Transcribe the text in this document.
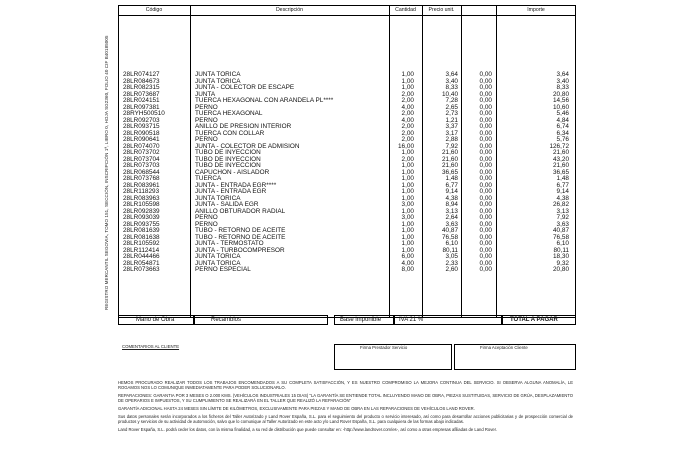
REGISTRO MERCANTIL SEGOVIA, TOMO 151, SECCIÓN, INSCRIPCIÓN 1ª, LIBRO 0, HOJA SG2360, FOLIO 40 CIF B40185005
Código	Descripción	Cantidad	Precio unit.	Importe
28LR074127	JUNTA TORICA	1,00	3,64	0,00	3,64
28LR084673	JUNTA TORICA	1,00	3,40	0,00	3,40
28LR082315	JUNTA - COLECTOR DE ESCAPE	1,00	8,33	0,00	8,33
28LR073687	JUNTA	2,00	10,40	0,00	20,80
28LR024151	TUERCA HEXAGONAL CON ARANDELA PL****	2,00	7,28	0,00	14,56
28LR097381	PERNO	4,00	2,65	0,00	10,60
28RYH500510	TUERCA HEXAGONAL	2,00	2,73	0,00	5,46
28LR092703	PERNO	4,00	1,21	0,00	4,84
28LR093715	ANILLO DE PRESION INTERIOR	2,00	3,37	0,00	6,74
28LR090518	TUERCA CON COLLAR	2,00	3,17	0,00	6,34
28LR090641	PERNO	2,00	2,88	0,00	5,76
28LR074070	JUNTA - COLECTOR DE ADMISION	16,00	7,92	0,00	126,72
28LR073702	TUBO DE INYECCION	1,00	21,60	0,00	21,60
28LR073704	TUBO DE INYECCION	2,00	21,60	0,00	43,20
28LR073703	TUBO DE INYECCION	1,00	21,60	0,00	21,60
28LR068544	CAPUCHON - AISLADOR	1,00	36,65	0,00	36,65
28LR073768	TUERCA	1,00	1,48	0,00	1,48
28LR083961	JUNTA - ENTRADA EGR****	1,00	6,77	0,00	6,77
28LR118293	JUNTA - ENTRADA EGR	1,00	9,14	0,00	9,14
28LR083963	JUNTA TORICA	1,00	4,38	0,00	4,38
28LR105598	JUNTA - SALIDA EGR	3,00	8,94	0,00	26,82
28LR092839	ANILLO OBTURADOR RADIAL	1,00	3,13	0,00	3,13
28LR093039	PERNO	3,00	2,64	0,00	7,92
28LR093755	PERNO	1,00	3,63	0,00	3,63
28LR081639	TUBO - RETORNO DE ACEITE	1,00	40,87	0,00	40,87
28LR081638	TUBO - RETORNO DE ACEITE	1,00	76,58	0,00	76,58
28LR105592	JUNTA - TERMOSTATO	1,00	6,10	0,00	6,10
28LR112414	JUNTA - TURBOCOMPRESOR	1,00	80,11	0,00	80,11
28LR044466	JUNTA TORICA	6,00	3,05	0,00	18,30
28LR054871	JUNTA TORICA	4,00	2,33	0,00	9,32
28LR073663	PERNO ESPECIAL	8,00	2,60	0,00	20,80
Mano de Obra	Recambios	Base imponible	IVA 21 %	TOTAL A PAGAR
COMENTARIOS AL CLIENTE	Firma Prestador Servicio	Firma Aceptación Cliente

HEMOS PROCURADO REALIZAR TODOS LOS TRABAJOS ENCOMENDADOS A SU COMPLETA SATISFACCIÓN, Y ES NUESTRO COMPROMISO LA MEJORA CONTINUA DEL SERVICIO. SI OBSERVA ALGUNA ANOMALÍA, LE ROGAMOS NOS LO COMUNIQUE INMEDIATAMENTE PARA PODER SOLUCIONARLO.

REPARACIONES: GARANTIA POR 3 MESES O 2.000 KMS. (VEHÍCULOS INDUSTRIALES 15 DIAS) "LA GARANTÍA SE ENTIENDE TOTAL INCLUYENDO MANO DE OBRA, PIEZAS SUSTITUIDAS, SERVICIO DE GRÚA, DESPLAZAMIENTO DE OPERARIOS E IMPUESTOS, Y SU CUMPLIMIENTO SE REALIZARÁ EN EL TALLER QUE REALIZÓ LA REPARACIÓN"

GARANTÍA ADICIONAL HASTA 24 MESES SIN LÍMITE DE KILÓMETROS, EXCLUSIVAMENTE PARA PIEZAS Y MANO DE OBRA EN LAS REPARACIONES DE VEHÍCULOS LAND ROVER.

Sus datos personales serán incorporados a los ficheros del Taller Autorizado y Land Rover España, S.L. para el seguimiento del producto o servicio interesado, así como para desarrollar acciones publicitarias y de prospección comercial de productos y servicios de su actividad de automoción, salvo que lo comunique al Taller Autorizado en este acto y/o Land Rover España, S.L. para cualquiera de las formas abajo indicadas.

Land Rover España, S.L. podrá ceder los datos, con la misma finalidad, a su red de distribución que puede consultar en: -http://www.landrover.com/es-, así como a otras empresas afiliadas de Land Rover.
